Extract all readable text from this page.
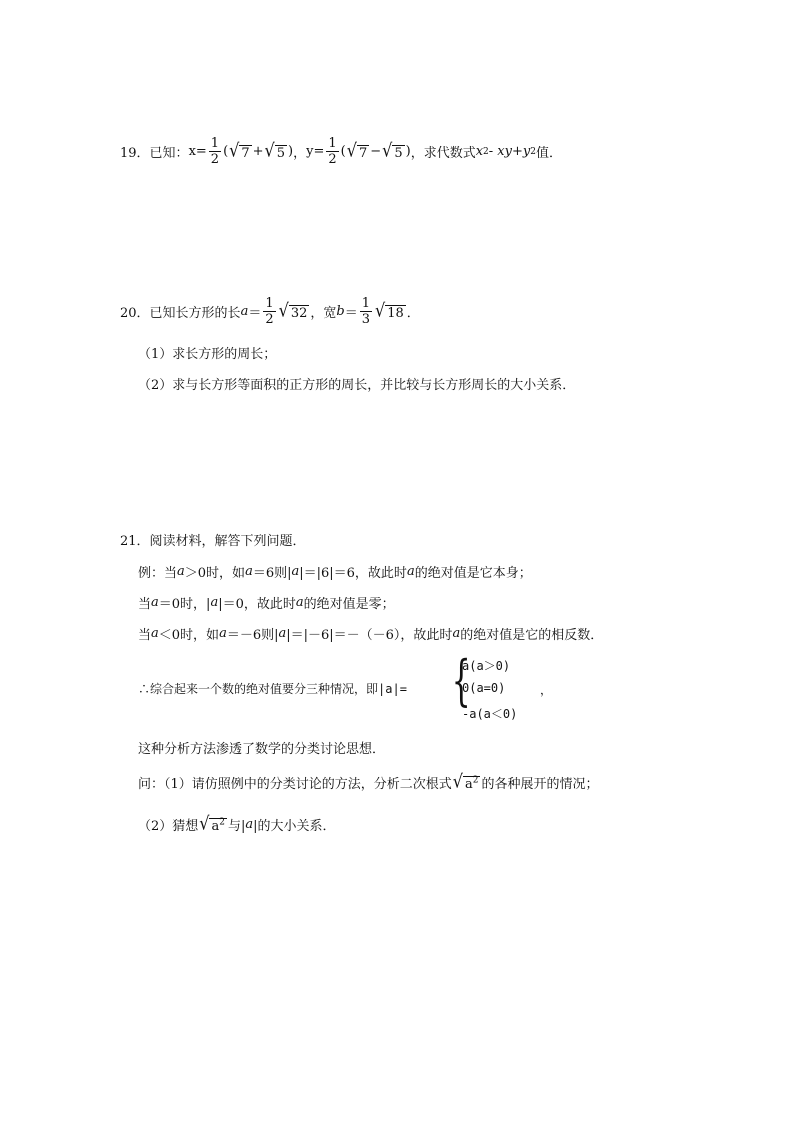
19． 已知： $x= \frac{1}{2}$ ( √ 7 + √ 5 ) ， $y= \frac{1}{2}$ ( √ 7 − √ 5 ) ，求代数式 x 2 - xy+y 2 值．
20． 已知长方形的长 $a = \frac{1}{2}$ √ 32 ，宽 $b = \frac{1}{3}$ √ 18 ．
（1）求长方形的周长；
（2）求与长方形等面积的正方形的周长，并比较与长方形周长的大小关系．
21． 阅读材料，解答下列问题．
例：当 a ＞0时，如 a ＝6则| a |＝|6|＝6，故此时 a 的绝对值是它本身；
当 a ＝0时，| a |＝0，故此时 a 的绝对值是零；
当 a ＜0时，如 a ＝－6则| a |＝|－6|＝－（－6），故此时 a 的绝对值是它的相反数．
∴综合起来一个数的绝对值要分三种情况，即 |a|= {
a(a＞0)
0(a=0)	，
-a(a＜0)
这种分析方法渗透了数学的分类讨论思想．
问：（1）请仿照例中的分类讨论的方法，分析二次根式 √ $a^2$ 的各种展开的情况；
（2）猜想 √ $a^2$ 与| a |的大小关系．
